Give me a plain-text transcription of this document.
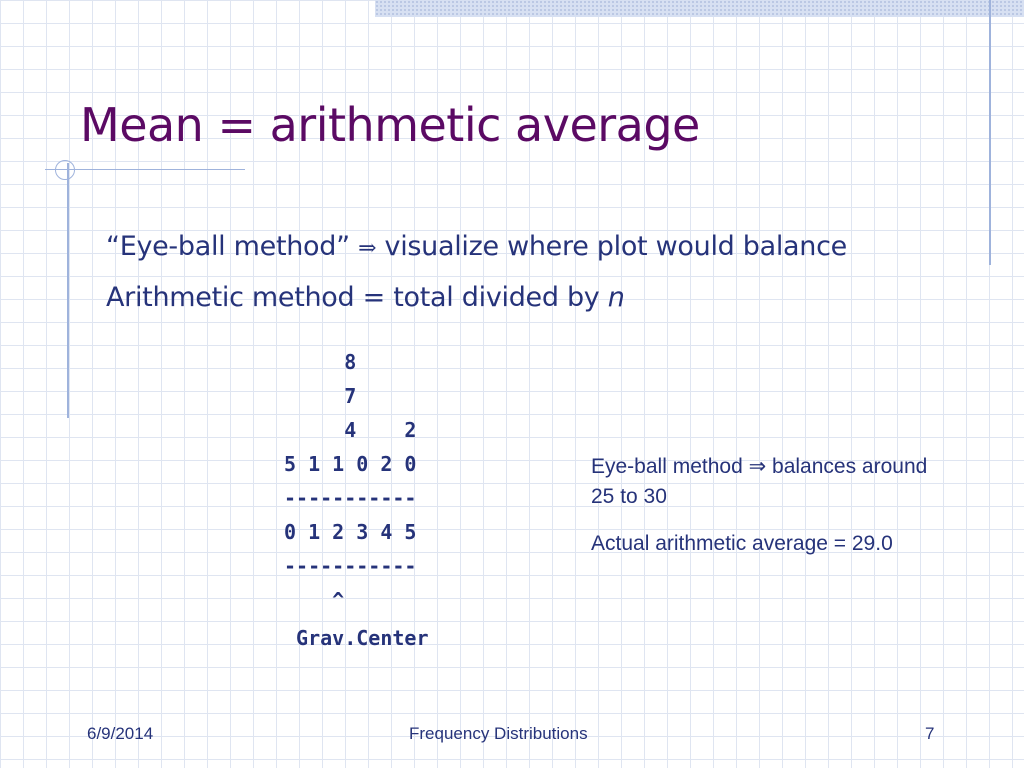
Mean = arithmetic average
“Eye-ball method” ⇒ visualize where plot would balance
Arithmetic method = total divided by n
8
7
4    2
5 1 1 0 2 0
-----------
0 1 2 3 4 5
-----------
^
Grav.Center

Eye-ball method ⇒ balances around 25 to 30

Actual arithmetic average = 29.0

6/9/2014	Frequency Distributions	7
